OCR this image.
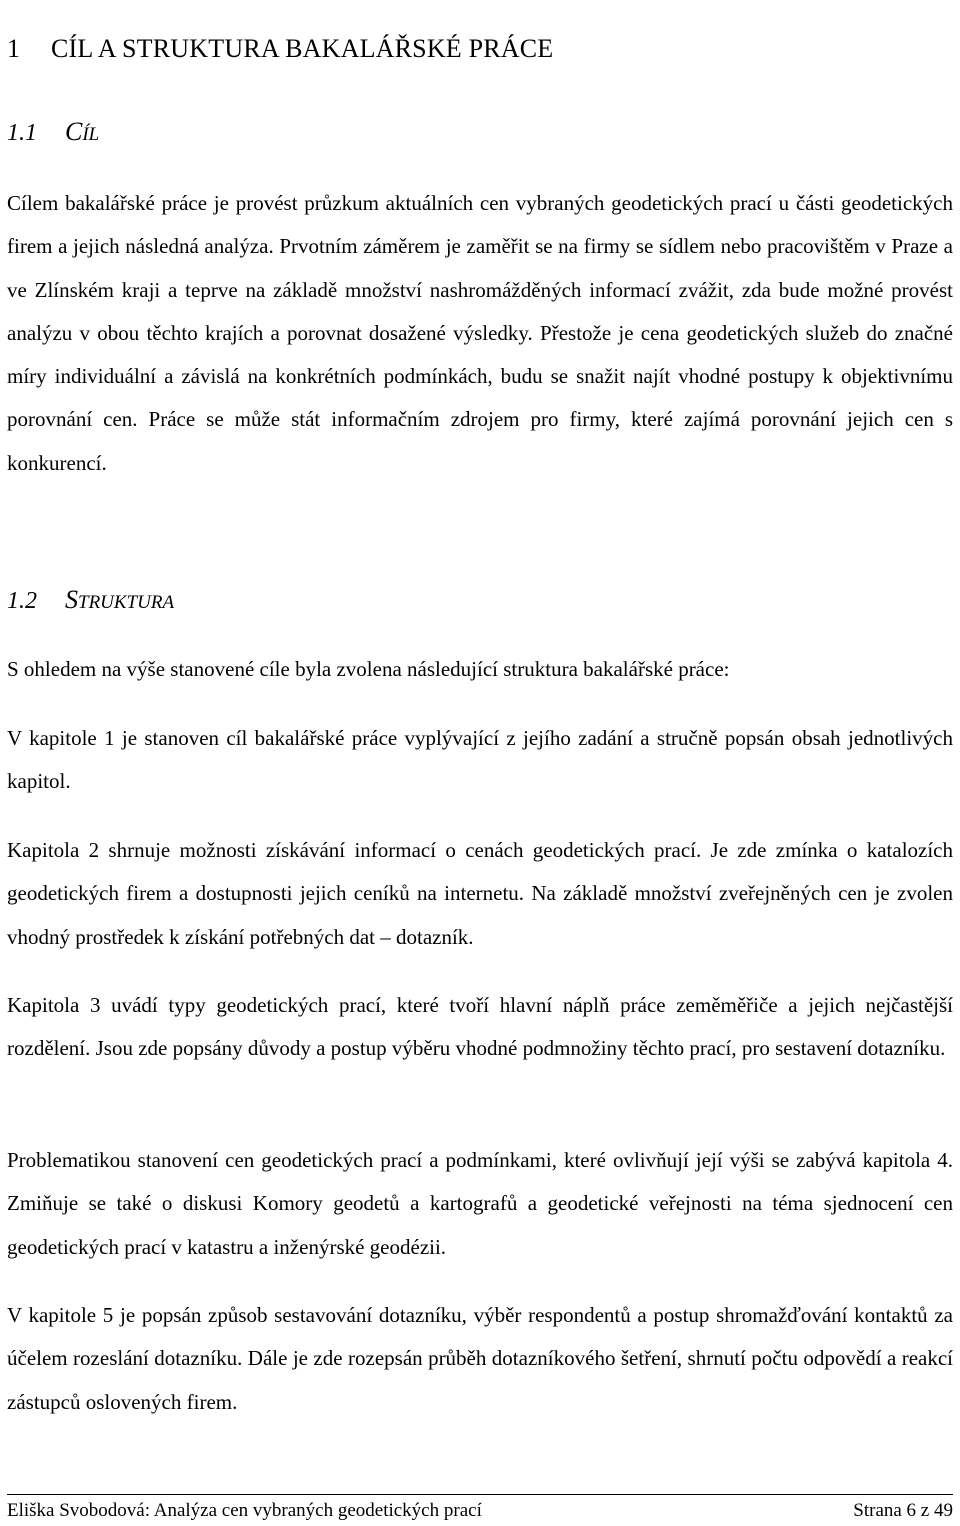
1 CÍL A STRUKTURA BAKALÁŘSKÉ PRÁCE
1.1 CÍL

Cílem bakalářské práce je provést průzkum aktuálních cen vybraných geodetických prací u části geodetických firem a jejich následná analýza. Prvotním záměrem je zaměřit se na firmy se sídlem nebo pracovištěm v Praze a ve Zlínském kraji a teprve na základě množství nashromážděných informací zvážit, zda bude možné provést analýzu v obou těchto krajích a porovnat dosažené výsledky. Přestože je cena geodetických služeb do značné míry individuální a závislá na konkrétních podmínkách, budu se snažit najít vhodné postupy k objektivnímu porovnání cen. Práce se může stát informačním zdrojem pro firmy, které zajímá porovnání jejich cen s konkurencí.

1.2 STRUKTURA

S ohledem na výše stanovené cíle byla zvolena následující struktura bakalářské práce:

V kapitole 1 je stanoven cíl bakalářské práce vyplývající z jejího zadání a stručně popsán obsah jednotlivých kapitol.

Kapitola 2 shrnuje možnosti získávání informací o cenách geodetických prací. Je zde zmínka o katalozích geodetických firem a dostupnosti jejich ceníků na internetu. Na základě množství zveřejněných cen je zvolen vhodný prostředek k získání potřebných dat – dotazník.

Kapitola 3 uvádí typy geodetických prací, které tvoří hlavní náplň práce zeměměřiče a jejich nejčastější rozdělení. Jsou zde popsány důvody a postup výběru vhodné podmnožiny těchto prací, pro sestavení dotazníku.

Problematikou stanovení cen geodetických prací a podmínkami, které ovlivňují její výši se zabývá kapitola 4. Zmiňuje se také o diskusi Komory geodetů a kartografů a geodetické veřejnosti na téma sjednocení cen geodetických prací v katastru a inženýrské geodézii.

V kapitole 5 je popsán způsob sestavování dotazníku, výběr respondentů a postup shromažďování kontaktů za účelem rozeslání dotazníku. Dále je zde rozepsán průběh dotazníkového šetření, shrnutí počtu odpovědí a reakcí zástupců oslovených firem.

Eliška Svobodová: Analýza cen vybraných geodetických prací	Strana 6 z 49
